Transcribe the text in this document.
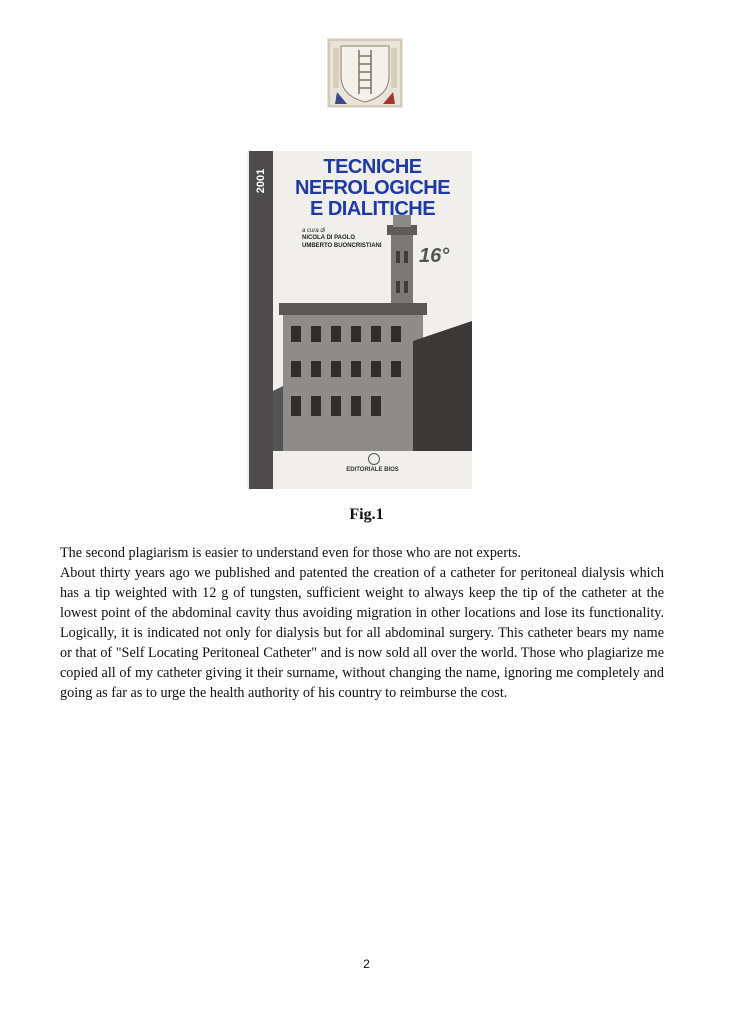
2001
TECNICHE
NEFROLOGICHE
E DIALITICHE
a cura di
NICOLA DI PAOLO
UMBERTO BUONCRISTIANI 16°
EDITORIALE BIOS
Fig.1

The second plagiarism is easier to understand even for those who are not experts.

About thirty years ago we published and patented the creation of a catheter for peritoneal dialysis which has a tip weighted with 12 g of tungsten, sufficient weight to always keep the tip of the catheter at the lowest point of the abdominal cavity thus avoiding migration in other locations and lose its functionality. Logically, it is indicated not only for dialysis but for all abdominal surgery. This catheter bears my name or that of "Self Locating Peritoneal Catheter" and is now sold all over the world. Those who plagiarize me copied all of my catheter giving it their surname, without changing the name, ignoring me completely and going as far as to urge the health authority of his country to reimburse the cost.

2
